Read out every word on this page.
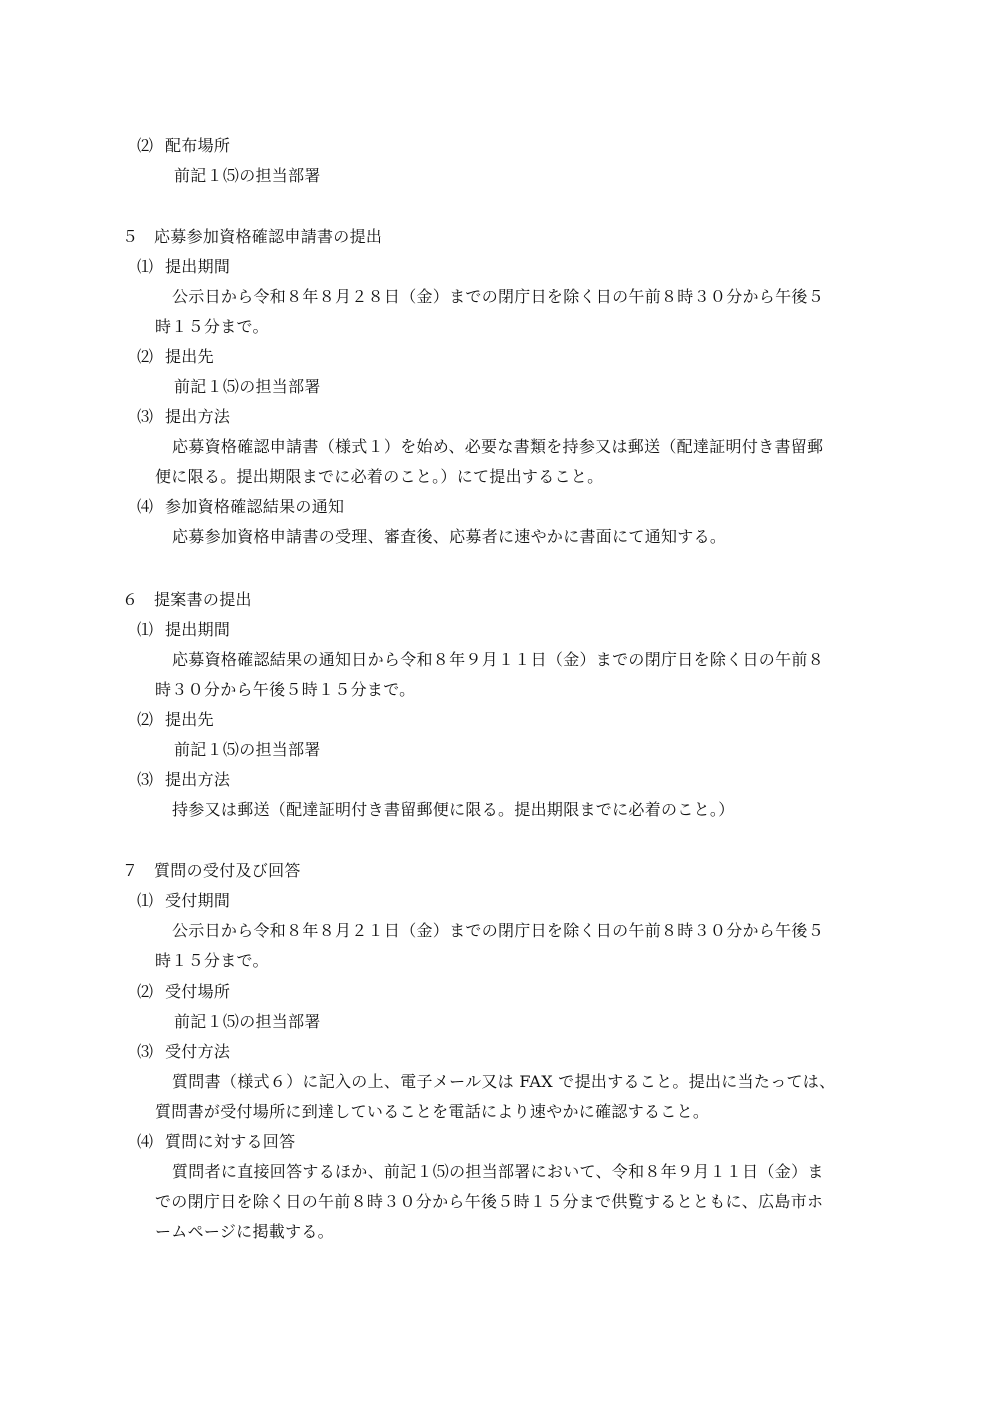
⑵ 配布場所
前記１⑸の担当部署
５ 応募参加資格確認申請書の提出
⑴ 提出期間
公示日から令和８年８月２８日（金）までの閉庁日を除く日の午前８時３０分から午後５
時１５分まで。
⑵ 提出先
前記１⑸の担当部署
⑶ 提出方法
応募資格確認申請書（様式１）を始め、必要な書類を持参又は郵送（配達証明付き書留郵
便に限る。提出期限までに必着のこと。）にて提出すること。
⑷ 参加資格確認結果の通知
応募参加資格申請書の受理、審査後、応募者に速やかに書面にて通知する。
６ 提案書の提出
⑴ 提出期間
応募資格確認結果の通知日から令和８年９月１１日（金）までの閉庁日を除く日の午前８
時３０分から午後５時１５分まで。
⑵ 提出先
前記１⑸の担当部署
⑶ 提出方法
持参又は郵送（配達証明付き書留郵便に限る。提出期限までに必着のこと。）
７ 質問の受付及び回答
⑴ 受付期間
公示日から令和８年８月２１日（金）までの閉庁日を除く日の午前８時３０分から午後５
時１５分まで。
⑵ 受付場所
前記１⑸の担当部署
⑶ 受付方法
質問書（様式６）に記入の上、電子メール又は FAX で提出すること。提出に当たっては、
質問書が受付場所に到達していることを電話により速やかに確認すること。
⑷ 質問に対する回答
質問者に直接回答するほか、前記１⑸の担当部署において、令和８年９月１１日（金）ま
での閉庁日を除く日の午前８時３０分から午後５時１５分まで供覧するとともに、広島市ホ
ームページに掲載する。
